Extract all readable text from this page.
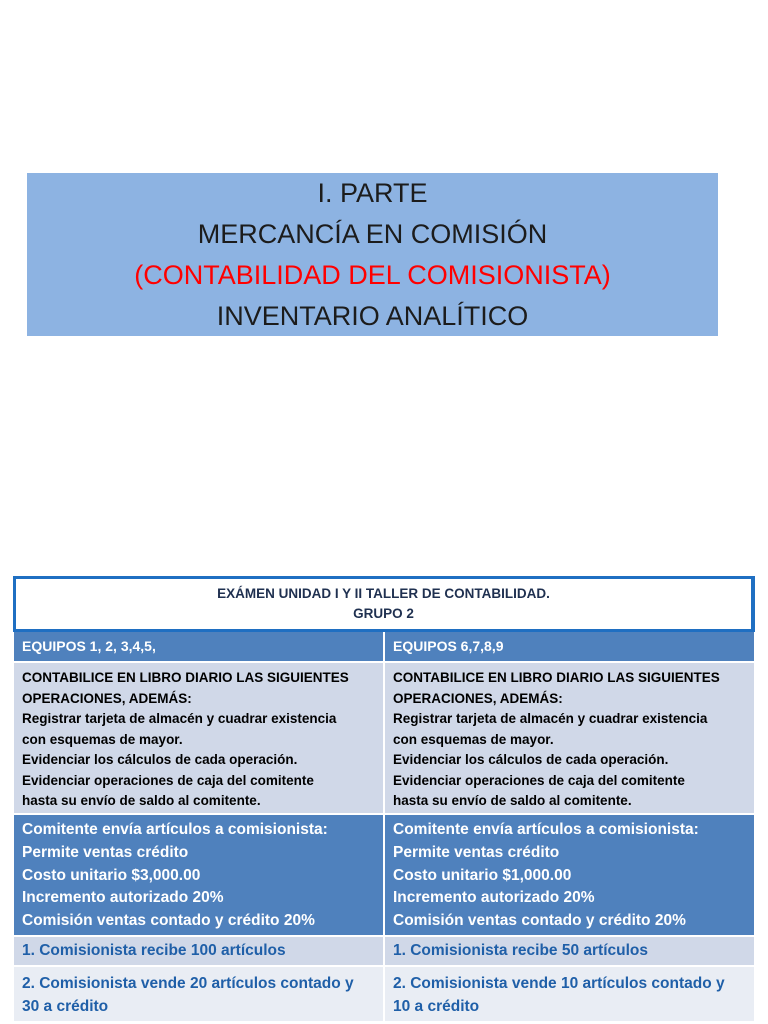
I. PARTE
MERCANCÍA EN COMISIÓN
(CONTABILIDAD DEL COMISIONISTA)
INVENTARIO ANALÍTICO
EXÁMEN UNIDAD I Y II TALLER DE CONTABILIDAD.
GRUPO 2
EQUIPOS 1, 2, 3,4,5,	EQUIPOS 6,7,8,9
CONTABILICE EN LIBRO DIARIO LAS SIGUIENTES
OPERACIONES, ADEMÁS:
Registrar tarjeta de almacén y cuadrar existencia
con esquemas de mayor.
Evidenciar los cálculos de cada operación.
Evidenciar operaciones de caja del comitente
hasta su envío de saldo al comitente.
CONTABILICE EN LIBRO DIARIO LAS SIGUIENTES
OPERACIONES, ADEMÁS:
Registrar tarjeta de almacén y cuadrar existencia
con esquemas de mayor.
Evidenciar los cálculos de cada operación.
Evidenciar operaciones de caja del comitente
hasta su envío de saldo al comitente.
Comitente envía artículos a comisionista:
Permite ventas crédito
Costo unitario $3,000.00
Incremento autorizado 20%
Comisión ventas contado y crédito 20%
Comitente envía artículos a comisionista:
Permite ventas crédito
Costo unitario $1,000.00
Incremento autorizado 20%
Comisión ventas contado y crédito 20%
1. Comisionista recibe 100 artículos	1. Comisionista recibe 50 artículos
2. Comisionista vende 20 artículos contado y
30 a crédito
2. Comisionista vende 10 artículos contado y
10 a crédito
